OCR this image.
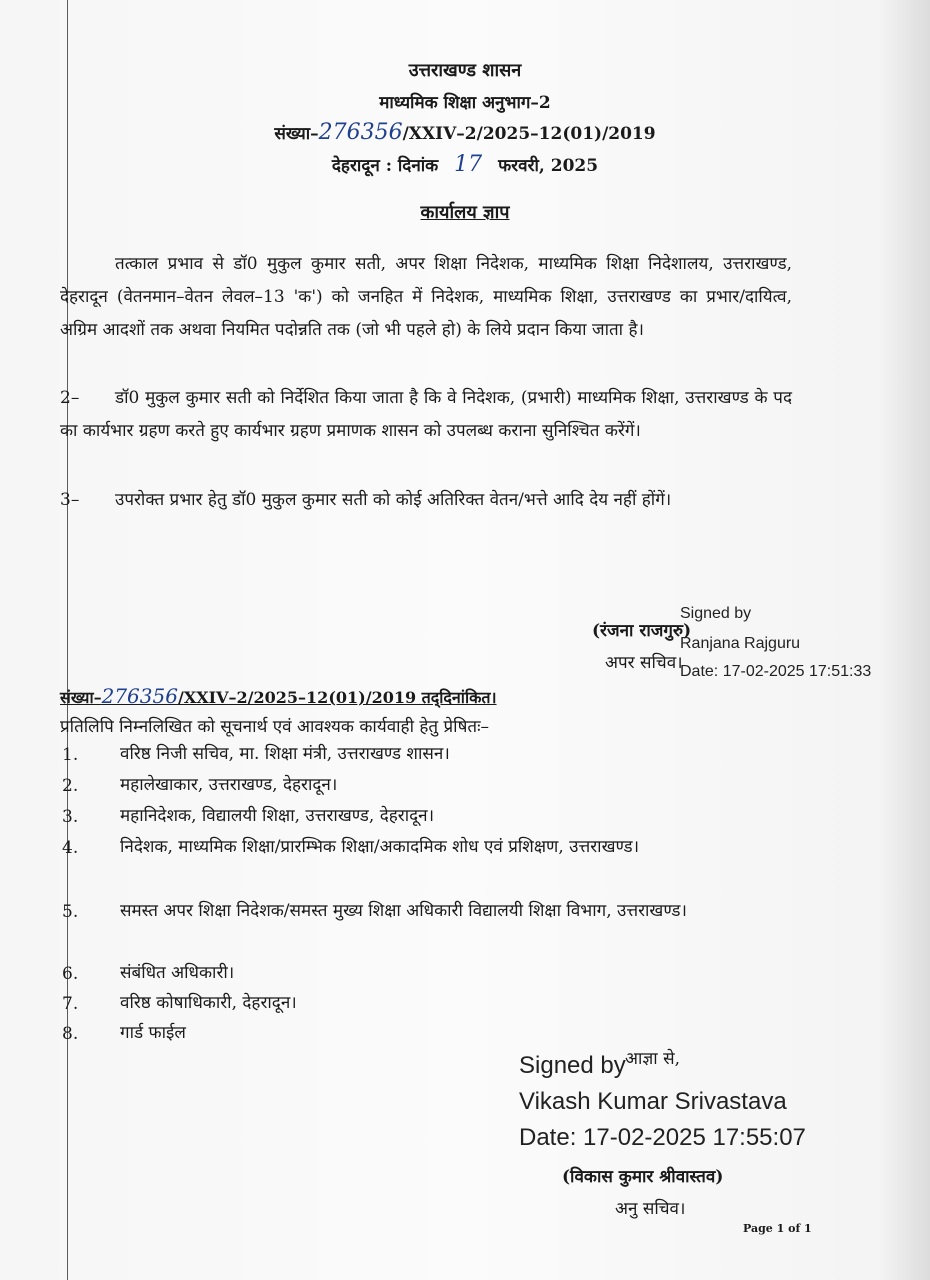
उत्तराखण्ड शासन
माध्यमिक शिक्षा अनुभाग–2
संख्या–276356/XXIV–2/2025–12(01)/2019
देहरादून : दिनांक 17 फरवरी, 2025
कार्यालय ज्ञाप
तत्काल प्रभाव से डॉ0 मुकुल कुमार सती, अपर शिक्षा निदेशक, माध्यमिक शिक्षा निदेशालय, उत्तराखण्ड, देहरादून (वेतनमान–वेतन लेवल–13 'क') को जनहित में निदेशक, माध्यमिक शिक्षा, उत्तराखण्ड का प्रभार/दायित्व, अग्रिम आदशों तक अथवा नियमित पदोन्नति तक (जो भी पहले हो) के लिये प्रदान किया जाता है।
2–	डॉ0 मुकुल कुमार सती को निर्देशित किया जाता है कि वे निदेशक, (प्रभारी) माध्यमिक शिक्षा, उत्तराखण्ड के पद का कार्यभार ग्रहण करते हुए कार्यभार ग्रहण प्रमाणक शासन को उपलब्ध कराना सुनिश्चित करेंगें।
3–	उपरोक्त प्रभार हेतु डॉ0 मुकुल कुमार सती को कोई अतिरिक्त वेतन/भत्ते आदि देय नहीं होंगें।
(रंजना राजगुरु)
अपर सचिव।
Signed by
Ranjana Rajguru
Date: 17-02-2025 17:51:33
संख्या–276356/XXIV–2/2025–12(01)/2019 तद्‌दिनांकित।
प्रतिलिपि निम्नलिखित को सूचनार्थ एवं आवश्यक कार्यवाही हेतु प्रेषितः–
1. वरिष्ठ निजी सचिव, मा. शिक्षा मंत्री, उत्तराखण्ड शासन।
2. महालेखाकार, उत्तराखण्ड, देहरादून।
3. महानिदेशक, विद्यालयी शिक्षा, उत्तराखण्ड, देहरादून।
4. निदेशक, माध्यमिक शिक्षा/प्रारम्भिक शिक्षा/अकादमिक शोध एवं प्रशिक्षण, उत्तराखण्ड।
5. समस्त अपर शिक्षा निदेशक/समस्त मुख्य शिक्षा अधिकारी विद्यालयी शिक्षा विभाग, उत्तराखण्ड।
6. संबंधित अधिकारी।
7. वरिष्ठ कोषाधिकारी, देहरादून।
8. गार्ड फाईल
Signed by आज्ञा से,
Vikash Kumar Srivastava
Date: 17-02-2025 17:55:07
(विकास कुमार श्रीवास्तव)
अनु सचिव।
Page 1 of 1
